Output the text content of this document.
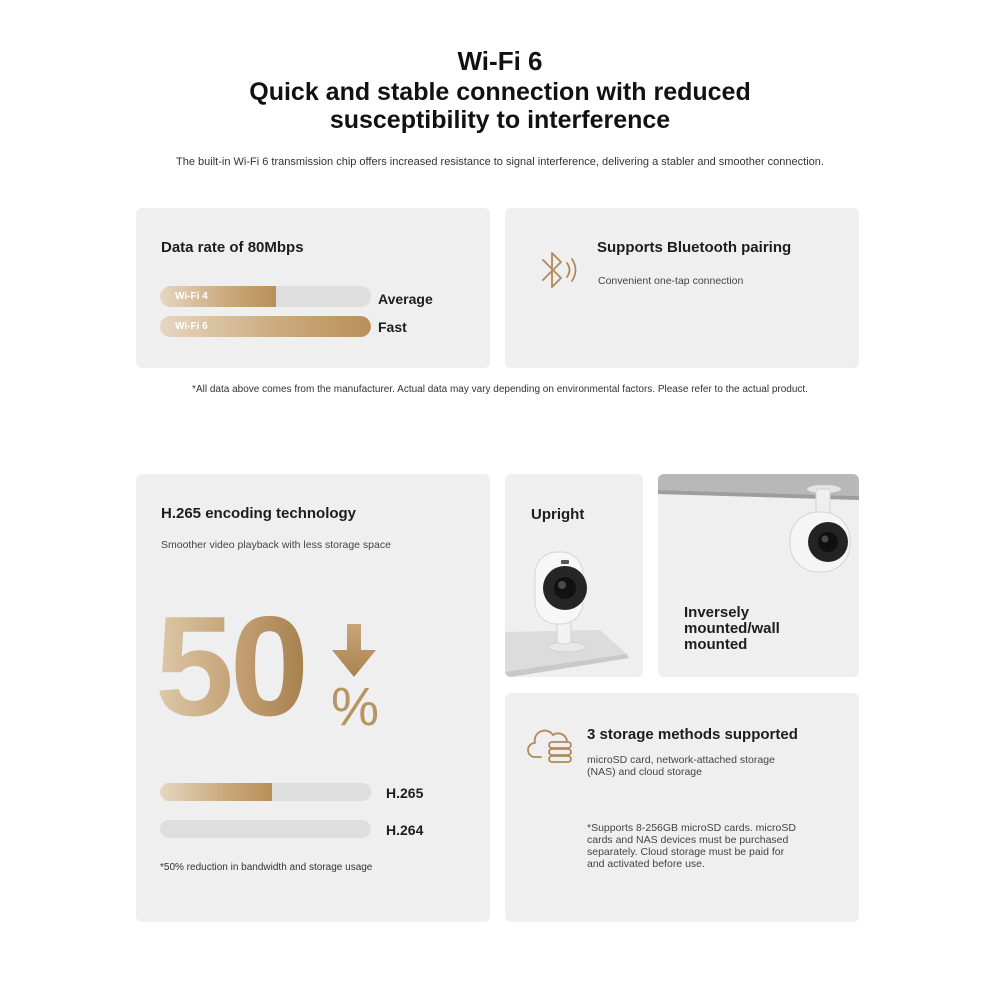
Wi-Fi 6
Quick and stable connection with reduced
susceptibility to interference
The built-in Wi-Fi 6 transmission chip offers increased resistance to signal interference, delivering a stabler and smoother connection.
Data rate of 80Mbps
Wi-Fi 4	Average
Wi-Fi 6	Fast
Supports Bluetooth pairing
Convenient one-tap connection
*All data above comes from the manufacturer. Actual data may vary depending on environmental factors. Please refer to the actual product.
H.265 encoding technology
Smoother video playback with less storage space
H.265
H.264
*50% reduction in bandwidth and storage usage
50 %
Upright
Inversely
mounted/wall
mounted
3 storage methods supported
microSD card, network-attached storage
(NAS) and cloud storage
*Supports 8-256GB microSD cards. microSD
cards and NAS devices must be purchased
separately. Cloud storage must be paid for
and activated before use.
